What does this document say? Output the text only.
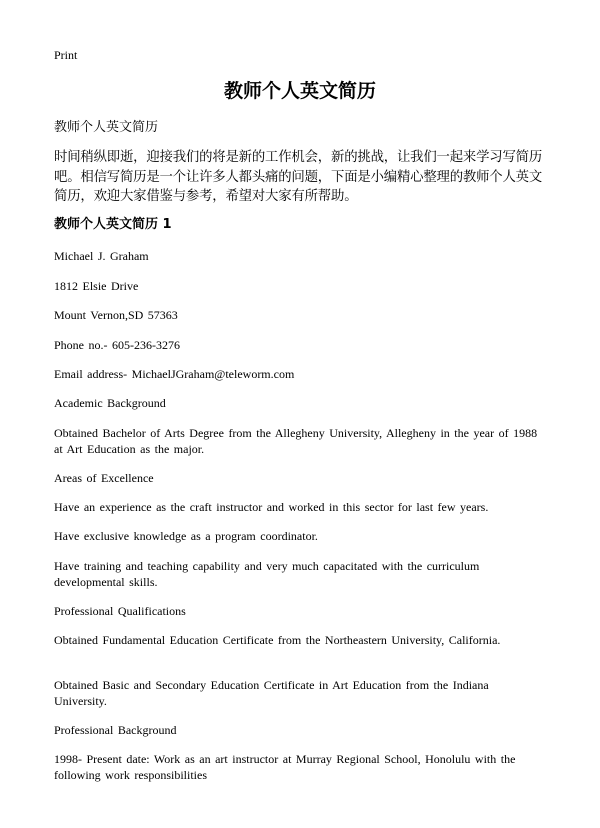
Print
教师个人英文简历
教师个人英文简历

时间稍纵即逝，迎接我们的将是新的工作机会，新的挑战，让我们一起来学习写简历吧。相信写简历是一个让许多人都头痛的问题，下面是小编精心整理的教师个人英文简历，欢迎大家借鉴与参考，希望对大家有所帮助。

教师个人英文简历 1
Michael J. Graham
1812 Elsie Drive
Mount Vernon,SD 57363
Phone no.- 605-236-3276
Email address- MichaelJGraham@teleworm.com
Academic Background
Obtained Bachelor of Arts Degree from the Allegheny University, Allegheny in the year of 1988 at Art Education as the major.
Areas of Excellence
Have an experience as the craft instructor and worked in this sector for last few years.
Have exclusive knowledge as a program coordinator.
Have training and teaching capability and very much capacitated with the curriculum developmental skills.
Professional Qualifications
Obtained Fundamental Education Certificate from the Northeastern University, California.
Obtained Basic and Secondary Education Certificate in Art Education from the Indiana University.
Professional Background
1998- Present date: Work as an art instructor at Murray Regional School, Honolulu with the following work responsibilities
